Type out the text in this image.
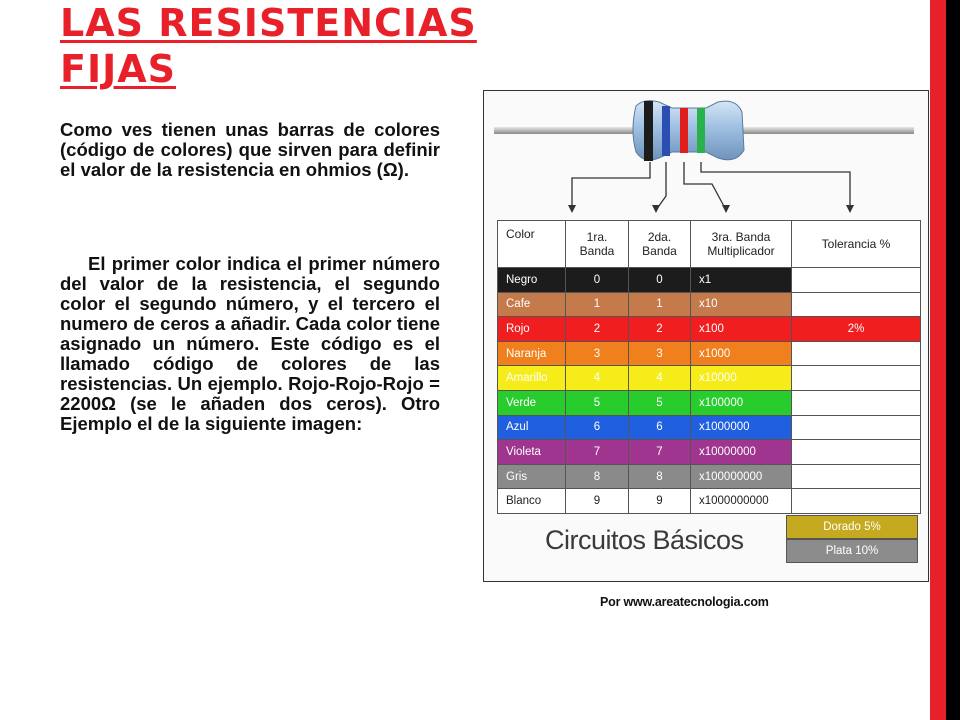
LAS RESISTENCIAS FIJAS

Como ves tienen unas barras de colores (código de colores) que sirven para definir el valor de la resistencia en ohmios (Ω).

El primer color indica el primer número del valor de la resistencia, el segundo color el segundo número, y el tercero el numero de ceros a añadir. Cada color tiene asignado un número. Este código es el llamado código de colores de las resistencias. Un ejemplo. Rojo-Rojo-Rojo = 2200Ω (se le añaden dos ceros). Otro Ejemplo el de la siguiente imagen:

Color	1ra. Banda	2da. Banda	3ra. Banda Multiplicador	Tolerancia %
Negro	0	0	x1	
Cafe	1	1	x10	
Rojo	2	2	x100	2%
Naranja	3	3	x1000	
Amarillo	4	4	x10000	
Verde	5	5	x100000	
Azul	6	6	x1000000	
Violeta	7	7	x10000000	
Gris	8	8	x100000000	
Blanco	9	9	x1000000000	
Circuitos Básicos	Dorado 5%
Plata 10%
Por www.areatecnologia.com
